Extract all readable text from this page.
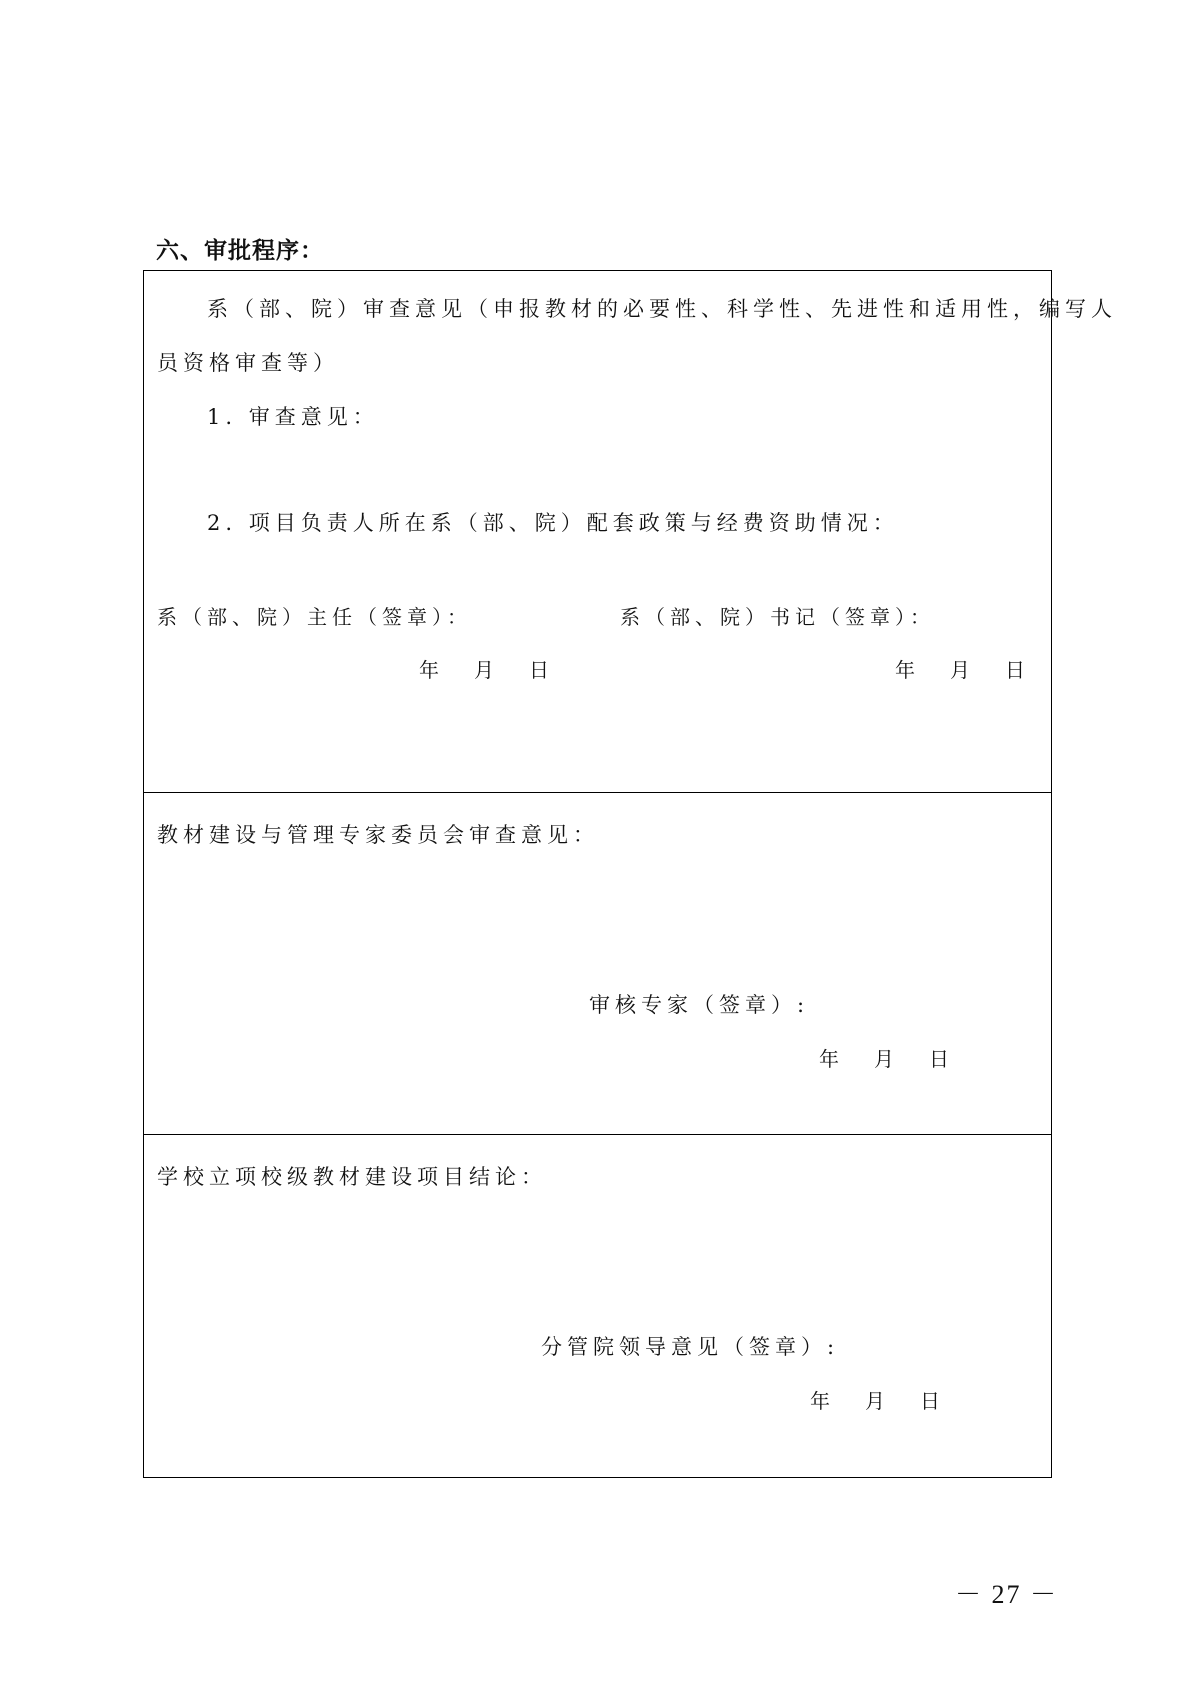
六、审批程序：
系（部、院）审查意见（申报教材的必要性、科学性、先进性和适用性，编写人
员资格审查等）
1. 审查意见：
2. 项目负责人所在系（部、院）配套政策与经费资助情况：
系（部、院）主任（签章）：	系（部、院）书记（签章）：
年 月 日	年 月 日
教材建设与管理专家委员会审查意见：
审核专家（签章）:
年 月 日
学校立项校级教材建设项目结论：
分管院领导意见（签章）:
年 月 日
－ 27 －
